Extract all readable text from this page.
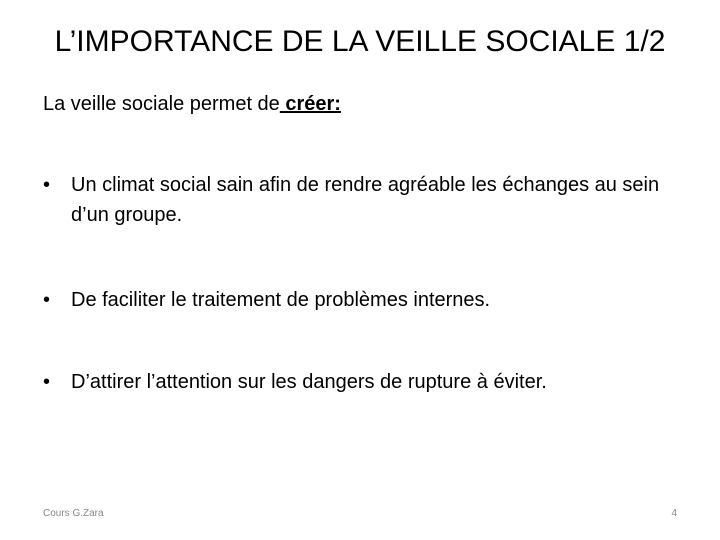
L’IMPORTANCE DE LA VEILLE SOCIALE 1/2
La veille sociale permet de créer:
• Un climat social sain afin de rendre agréable les échanges au sein d’un groupe.
• De faciliter le traitement de problèmes internes.
• D’attirer l’attention sur les dangers de rupture à éviter.
Cours G.Zara	4
